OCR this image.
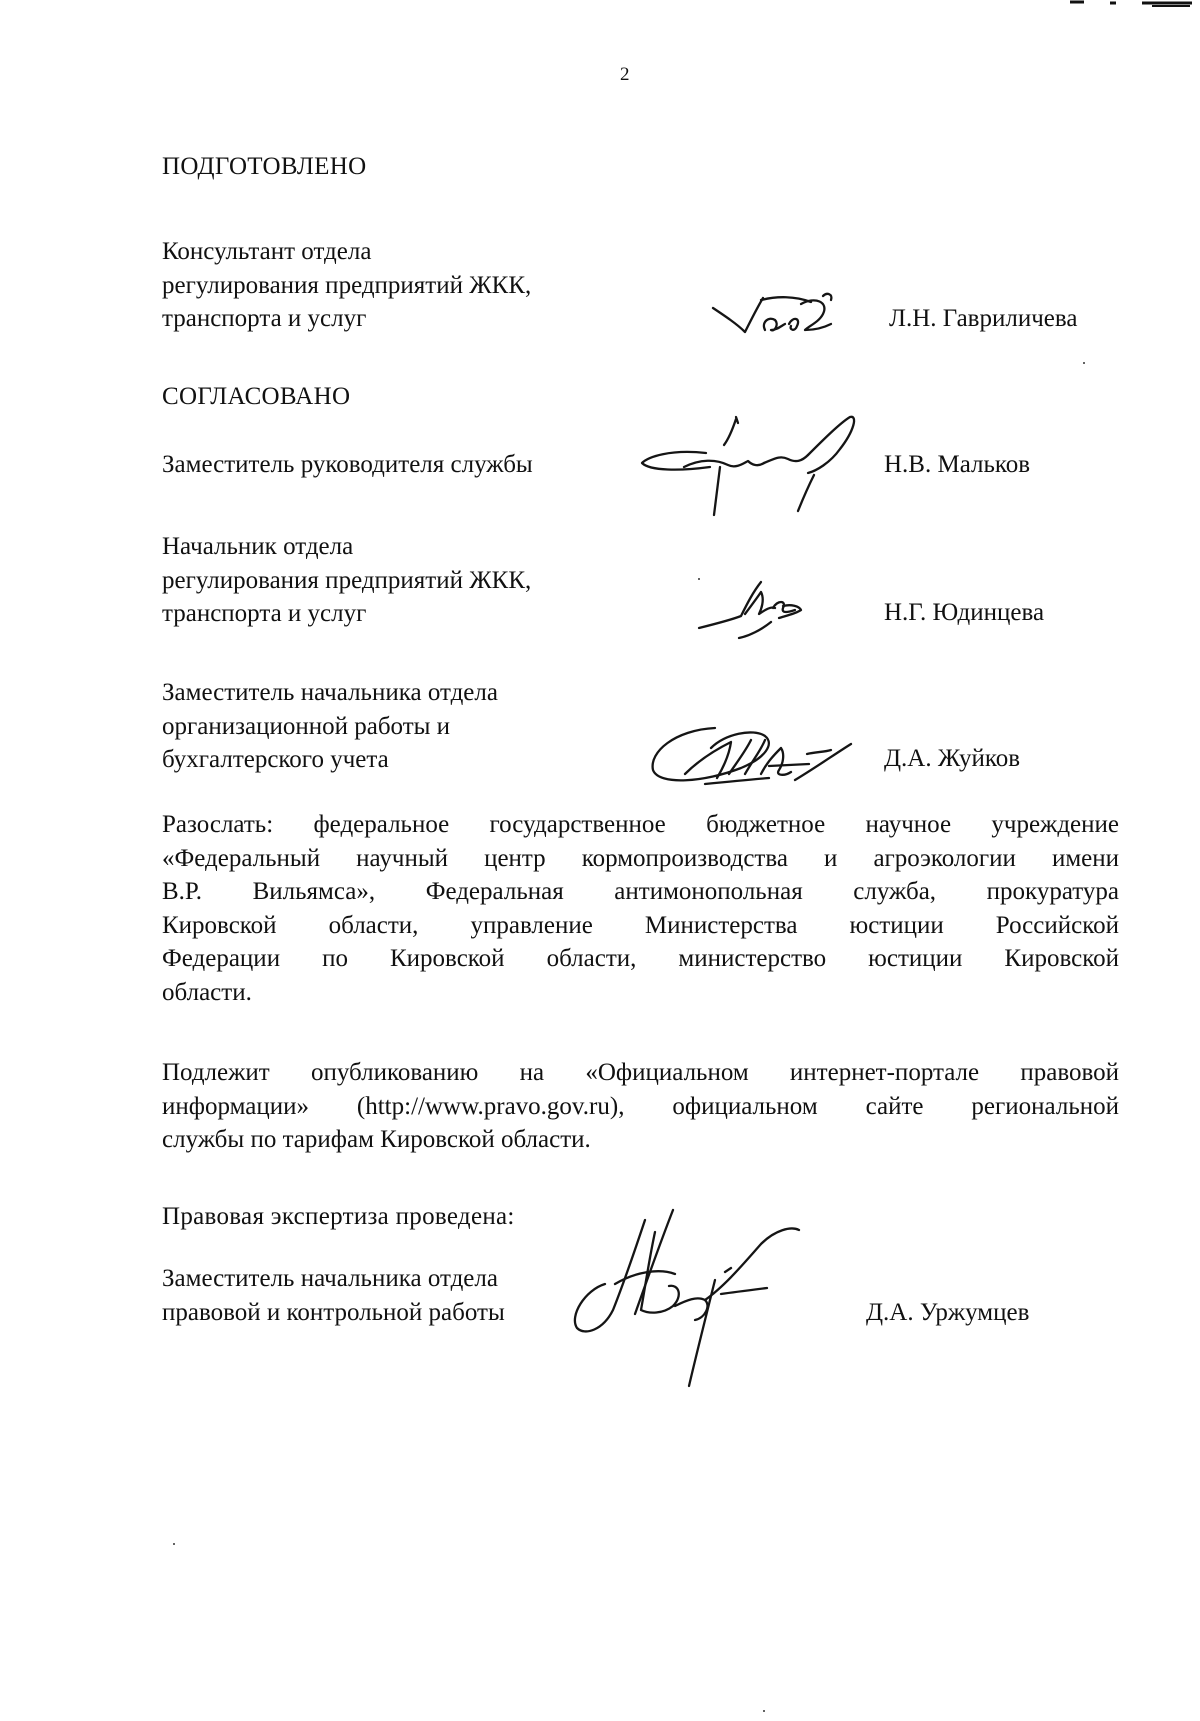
2
ПОДГОТОВЛЕНО
Консультант отдела
регулирования предприятий ЖКК,
транспорта и услуг	Л.Н. Гавриличева
СОГЛАСОВАНО
Заместитель руководителя службы	Н.В. Мальков
Начальник отдела
регулирования предприятий ЖКК,
транспорта и услуг	Н.Г. Юдинцева
Заместитель начальника отдела
организационной работы и
бухгалтерского учета	Д.А. Жуйков
Разослать: федеральное государственное бюджетное научное учреждение
«Федеральный научный центр кормопроизводства и агроэкологии имени
В.Р. Вильямса», Федеральная антимонопольная служба, прокуратура
Кировской области, управление Министерства юстиции Российской
Федерации по Кировской области, министерство юстиции Кировской
области.
Подлежит опубликованию на «Официальном интернет-портале правовой
информации» (http://www.pravo.gov.ru), официальном сайте региональной
службы по тарифам Кировской области.
Правовая экспертиза проведена:
Заместитель начальника отдела
правовой и контрольной работы	Д.А. Уржумцев
